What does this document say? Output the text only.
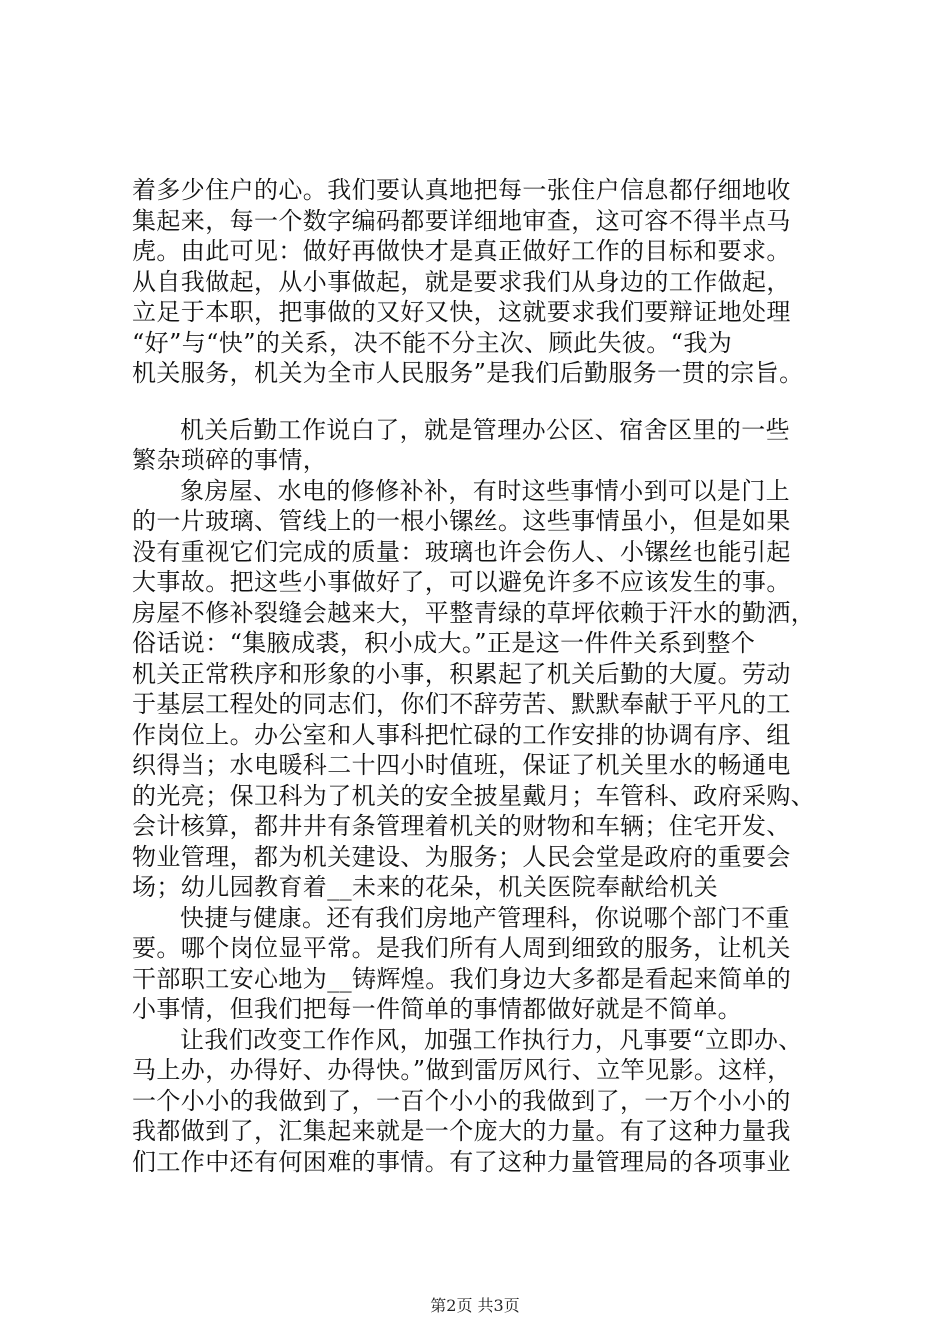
着多少住户的心。我们要认真地把每一张住户信息都仔细地收
集起来，每一个数字编码都要详细地审查，这可容不得半点马
虎。由此可见：做好再做快才是真正做好工作的目标和要求。
从自我做起，从小事做起，就是要求我们从身边的工作做起，
立足于本职，把事做的又好又快，这就要求我们要辩证地处理
“好”与“快”的关系，决不能不分主次、顾此失彼。“我为
机关服务，机关为全市人民服务”是我们后勤服务一贯的宗旨。
机关后勤工作说白了，就是管理办公区、宿舍区里的一些
繁杂琐碎的事情，
象房屋、水电的修修补补，有时这些事情小到可以是门上
的一片玻璃、管线上的一根小镙丝。这些事情虽小，但是如果
没有重视它们完成的质量：玻璃也许会伤人、小镙丝也能引起
大事故。把这些小事做好了，可以避免许多不应该发生的事。
房屋不修补裂缝会越来大，平整青绿的草坪依赖于汗水的勤洒，
俗话说：“集腋成裘，积小成大。”正是这一件件关系到整个
机关正常秩序和形象的小事，积累起了机关后勤的大厦。劳动
于基层工程处的同志们，你们不辞劳苦、默默奉献于平凡的工
作岗位上。办公室和人事科把忙碌的工作安排的协调有序、组
织得当；水电暖科二十四小时值班，保证了机关里水的畅通电
的光亮；保卫科为了机关的安全披星戴月；车管科、政府采购、
会计核算，都井井有条管理着机关的财物和车辆；住宅开发、
物业管理，都为机关建设、为服务；人民会堂是政府的重要会
场；幼儿园教育着__未来的花朵，机关医院奉献给机关
快捷与健康。还有我们房地产管理科，你说哪个部门不重
要。哪个岗位显平常。是我们所有人周到细致的服务，让机关
干部职工安心地为__铸辉煌。我们身边大多都是看起来简单的
小事情，但我们把每一件简单的事情都做好就是不简单。
让我们改变工作作风，加强工作执行力，凡事要“立即办、
马上办，办得好、办得快。”做到雷厉风行、立竿见影。这样，
一个小小的我做到了，一百个小小的我做到了，一万个小小的
我都做到了，汇集起来就是一个庞大的力量。有了这种力量我
们工作中还有何困难的事情。有了这种力量管理局的各项事业
第2页 共3页
